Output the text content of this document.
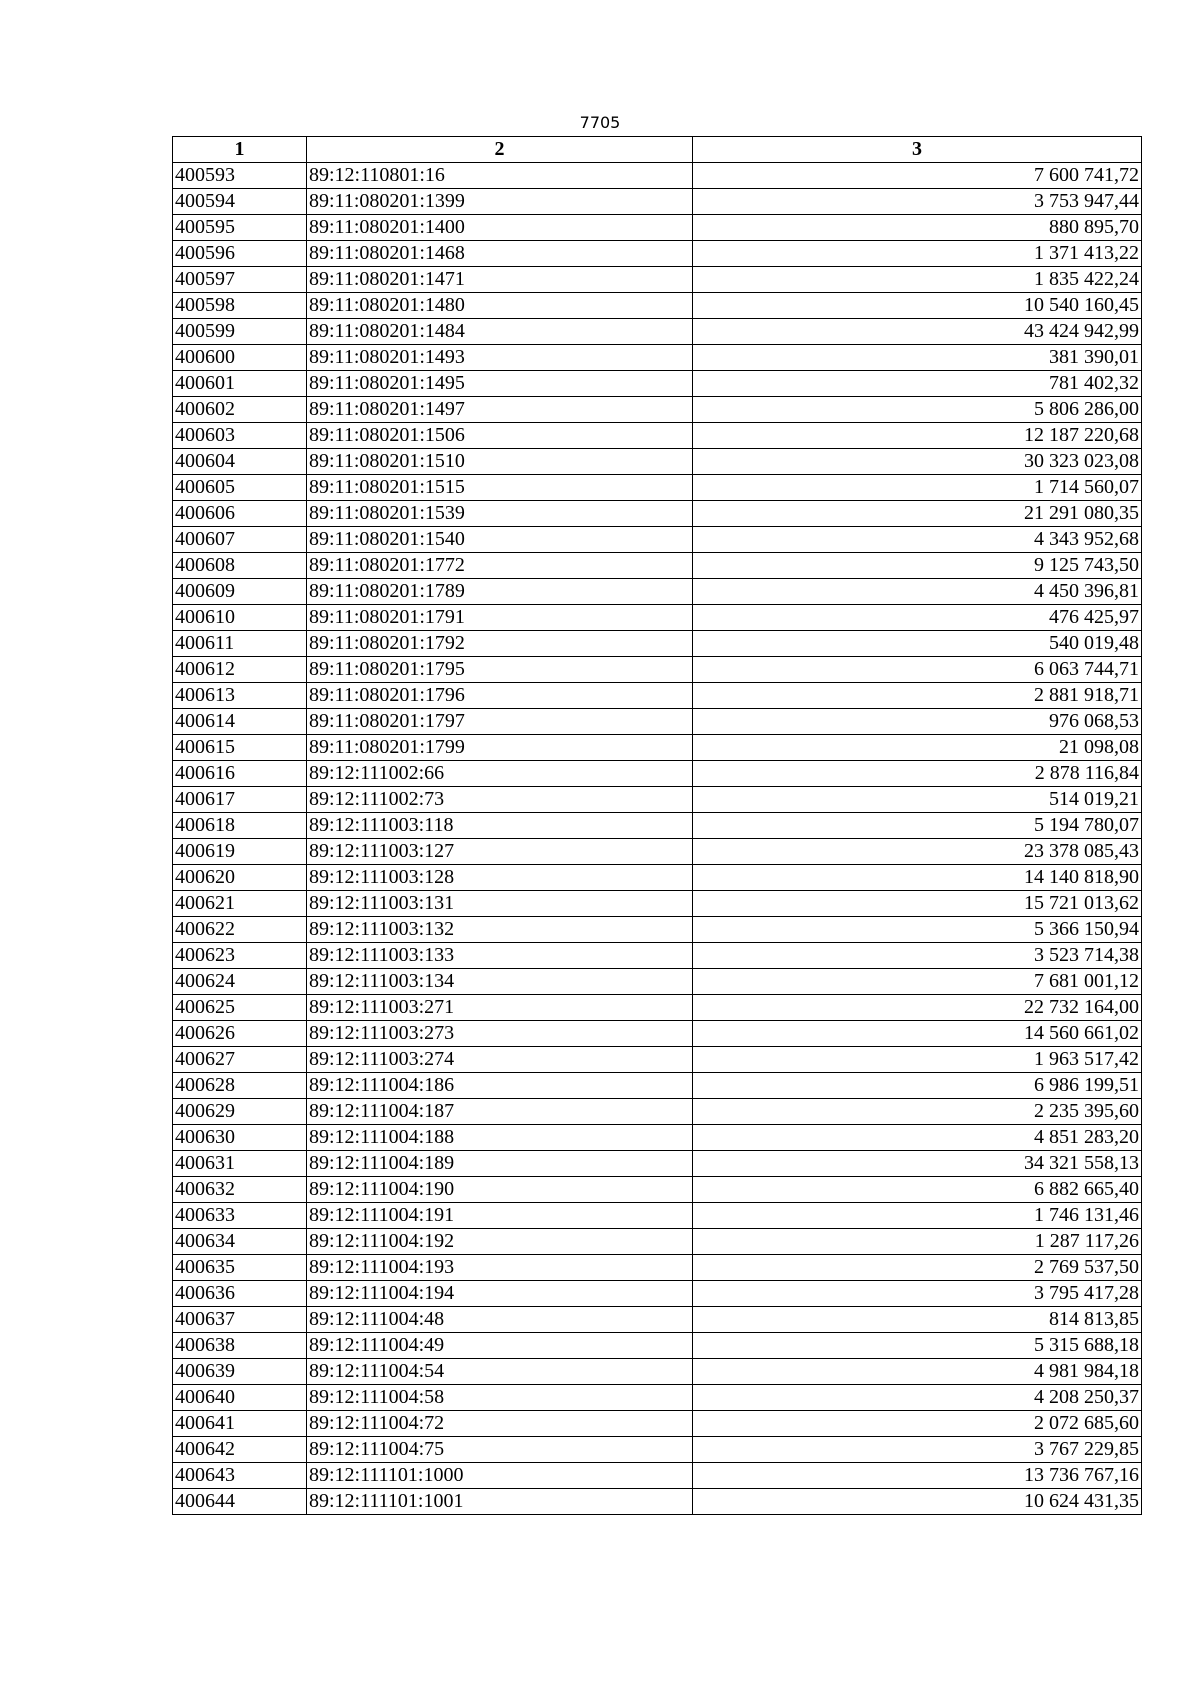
7705
1	2	3
400593	89:12:110801:16	7 600 741,72
400594	89:11:080201:1399	3 753 947,44
400595	89:11:080201:1400	880 895,70
400596	89:11:080201:1468	1 371 413,22
400597	89:11:080201:1471	1 835 422,24
400598	89:11:080201:1480	10 540 160,45
400599	89:11:080201:1484	43 424 942,99
400600	89:11:080201:1493	381 390,01
400601	89:11:080201:1495	781 402,32
400602	89:11:080201:1497	5 806 286,00
400603	89:11:080201:1506	12 187 220,68
400604	89:11:080201:1510	30 323 023,08
400605	89:11:080201:1515	1 714 560,07
400606	89:11:080201:1539	21 291 080,35
400607	89:11:080201:1540	4 343 952,68
400608	89:11:080201:1772	9 125 743,50
400609	89:11:080201:1789	4 450 396,81
400610	89:11:080201:1791	476 425,97
400611	89:11:080201:1792	540 019,48
400612	89:11:080201:1795	6 063 744,71
400613	89:11:080201:1796	2 881 918,71
400614	89:11:080201:1797	976 068,53
400615	89:11:080201:1799	21 098,08
400616	89:12:111002:66	2 878 116,84
400617	89:12:111002:73	514 019,21
400618	89:12:111003:118	5 194 780,07
400619	89:12:111003:127	23 378 085,43
400620	89:12:111003:128	14 140 818,90
400621	89:12:111003:131	15 721 013,62
400622	89:12:111003:132	5 366 150,94
400623	89:12:111003:133	3 523 714,38
400624	89:12:111003:134	7 681 001,12
400625	89:12:111003:271	22 732 164,00
400626	89:12:111003:273	14 560 661,02
400627	89:12:111003:274	1 963 517,42
400628	89:12:111004:186	6 986 199,51
400629	89:12:111004:187	2 235 395,60
400630	89:12:111004:188	4 851 283,20
400631	89:12:111004:189	34 321 558,13
400632	89:12:111004:190	6 882 665,40
400633	89:12:111004:191	1 746 131,46
400634	89:12:111004:192	1 287 117,26
400635	89:12:111004:193	2 769 537,50
400636	89:12:111004:194	3 795 417,28
400637	89:12:111004:48	814 813,85
400638	89:12:111004:49	5 315 688,18
400639	89:12:111004:54	4 981 984,18
400640	89:12:111004:58	4 208 250,37
400641	89:12:111004:72	2 072 685,60
400642	89:12:111004:75	3 767 229,85
400643	89:12:111101:1000	13 736 767,16
400644	89:12:111101:1001	10 624 431,35
